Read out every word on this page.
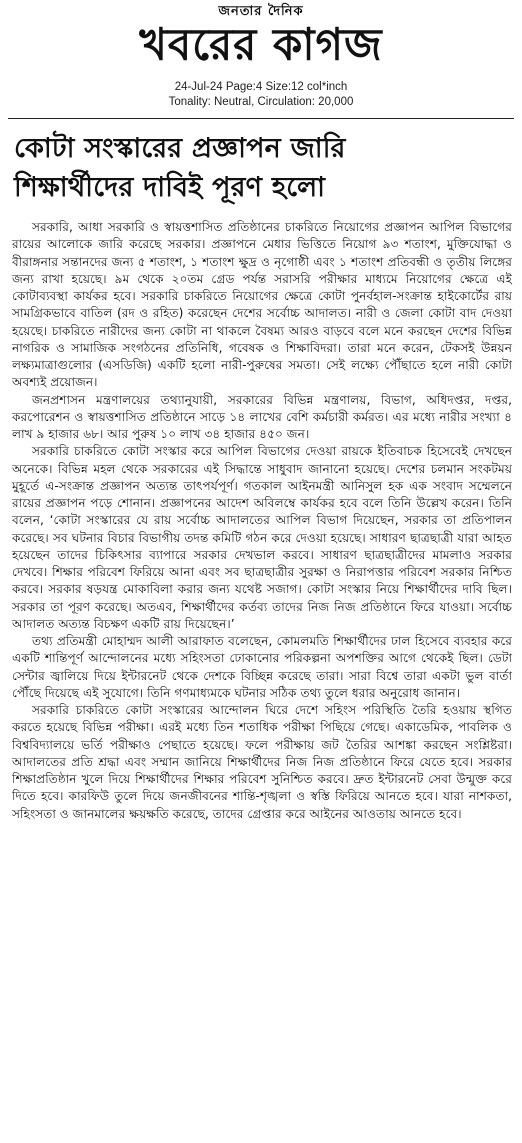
জনতার দৈনিক
খবরের কাগজ
24-Jul-24 Page:4 Size:12 col*inch
Tonality: Neutral, Circulation: 20,000
কোটা সংস্কারের প্রজ্ঞাপন জারি
শিক্ষার্থীদের দাবিই পূরণ হলো

সরকারি, আধা সরকারি ও স্বায়ত্তশাসিত প্রতিষ্ঠানের চাকরিতে নিয়োগের প্রজ্ঞাপন আপিল বিভাগের রায়ের আলোকে জারি করেছে সরকার। প্রজ্ঞাপনে মেধার ভিত্তিতে নিয়োগ ৯৩ শতাংশ, মুক্তিযোদ্ধা ও বীরাঙ্গনার সন্তানদের জন্য ৫ শতাংশ, ১ শতাংশ ক্ষুদ্র ও নৃগোষ্ঠী এবং ১ শতাংশ প্রতিবন্ধী ও তৃতীয় লিঙ্গের জন্য রাখা হয়েছে। ৯ম থেকে ২০তম গ্রেড পর্যন্ত সরাসরি পরীক্ষার মাধ্যমে নিয়োগের ক্ষেত্রে এই কোটাব্যবস্থা কার্যকর হবে। সরকারি চাকরিতে নিয়োগের ক্ষেত্রে কোটা পুনর্বহাল-সংক্রান্ত হাইকোর্টের রায় সামগ্রিকভাবে বাতিল (রদ ও রহিত) করেছেন দেশের সর্বোচ্চ আদালত। নারী ও জেলা কোটা বাদ দেওয়া হয়েছে। চাকরিতে নারীদের জন্য কোটা না থাকলে বৈষম্য আরও বাড়বে বলে মনে করছেন দেশের বিভিন্ন নাগরিক ও সামাজিক সংগঠনের প্রতিনিধি, গবেষক ও শিক্ষাবিদরা। তারা মনে করেন, টেকসই উন্নয়ন লক্ষ্যমাত্রাগুলোর (এসডিজি) একটি হলো নারী-পুরুষের সমতা। সেই লক্ষ্যে পৌঁছাতে হলে নারী কোটা অবশ্যই প্রয়োজন।

জনপ্রশাসন মন্ত্রণালয়ের তথ্যানুযায়ী, সরকারের বিভিন্ন মন্ত্রণালয়, বিভাগ, অধিদপ্তর, দপ্তর, করপোরেশন ও স্বায়ত্তশাসিত প্রতিষ্ঠানে সাড়ে ১৪ লাখের বেশি কর্মচারী কর্মরত। এর মধ্যে নারীর সংখ্যা ৪ লাখ ৯ হাজার ৬৮। আর পুরুষ ১০ লাখ ৩৪ হাজার ৪৫০ জন।

সরকারি চাকরিতে কোটা সংস্কার করে আপিল বিভাগের দেওয়া রায়কে ইতিবাচক হিসেবেই দেখছেন অনেকে। বিভিন্ন মহল থেকে সরকারের এই সিদ্ধান্তে সাধুবাদ জানানো হয়েছে। দেশের চলমান সংকটময় মুহূর্তে এ-সংক্রান্ত প্রজ্ঞাপন অত্যন্ত তাৎপর্যপূর্ণ। গতকাল আইনমন্ত্রী আনিসুল হক এক সংবাদ সম্মেলনে রায়ের প্রজ্ঞাপন পড়ে শোনান। প্রজ্ঞাপনের আদেশ অবিলম্বে কার্যকর হবে বলে তিনি উল্লেখ করেন। তিনি বলেন, ‘কোটা সংস্কারের যে রায় সর্বোচ্চ আদালতের আপিল বিভাগ দিয়েছেন, সরকার তা প্রতিপালন করেছে। সব ঘটনার বিচার বিভাগীয় তদন্ত কমিটি গঠন করে দেওয়া হয়েছে। সাধারণ ছাত্রছাত্রী যারা আহত হয়েছেন তাদের চিকিৎসার ব্যাপারে সরকার দেখভাল করবে। সাধারণ ছাত্রছাত্রীদের মামলাও সরকার দেখবে। শিক্ষার পরিবেশ ফিরিয়ে আনা এবং সব ছাত্রছাত্রীর সুরক্ষা ও নিরাপত্তার পরিবেশ সরকার নিশ্চিত করবে। সরকার ষড়যন্ত্র মোকাবিলা করার জন্য যথেষ্ট সজাগ। কোটা সংস্কার নিয়ে শিক্ষার্থীদের দাবি ছিল। সরকার তা পূরণ করেছে। অতএব, শিক্ষার্থীদের কর্তব্য তাদের নিজ নিজ প্রতিষ্ঠানে ফিরে যাওয়া। সর্বোচ্চ আদালত অত্যন্ত বিচক্ষণ একটি রায় দিয়েছেন।’

তথ্য প্রতিমন্ত্রী মোহাম্মদ আলী আরাফাত বলেছেন, কোমলমতি শিক্ষার্থীদের ঢাল হিসেবে ব্যবহার করে একটি শান্তিপূর্ণ আন্দোলনের মধ্যে সহিংসতা ঢোকানোর পরিকল্পনা অপশক্তির আগে থেকেই ছিল। ডেটা সেন্টার জ্বালিয়ে দিয়ে ইন্টারনেট থেকে দেশকে বিচ্ছিন্ন করেছে তারা। সারা বিশ্বে তারা একটা ভুল বার্তা পৌঁছে দিয়েছে এই সুযোগে। তিনি গণমাধ্যমকে ঘটনার সঠিক তথ্য তুলে ধরার অনুরোধ জানান।

সরকারি চাকরিতে কোটা সংস্কারের আন্দোলন ঘিরে দেশে সহিংস পরিস্থিতি তৈরি হওয়ায় স্থগিত করতে হয়েছে বিভিন্ন পরীক্ষা। এরই মধ্যে তিন শতাধিক পরীক্ষা পিছিয়ে গেছে। একাডেমিক, পাবলিক ও বিশ্ববিদ্যালয়ে ভর্তি পরীক্ষাও পেছাতে হয়েছে। ফলে পরীক্ষায় জট তৈরির আশঙ্কা করছেন সংশ্লিষ্টরা। আদালতের প্রতি শ্রদ্ধা এবং সম্মান জানিয়ে শিক্ষার্থীদের নিজ নিজ প্রতিষ্ঠানে ফিরে যেতে হবে। সরকার শিক্ষাপ্রতিষ্ঠান খুলে দিয়ে শিক্ষার্থীদের শিক্ষার পরিবেশ সুনিশ্চিত করবে। দ্রুত ইন্টারনেট সেবা উন্মুক্ত করে দিতে হবে। কারফিউ তুলে দিয়ে জনজীবনের শান্তি-শৃঙ্খলা ও স্বস্তি ফিরিয়ে আনতে হবে। যারা নাশকতা, সহিংসতা ও জানমালের ক্ষয়ক্ষতি করেছে, তাদের গ্রেপ্তার করে আইনের আওতায় আনতে হবে।
